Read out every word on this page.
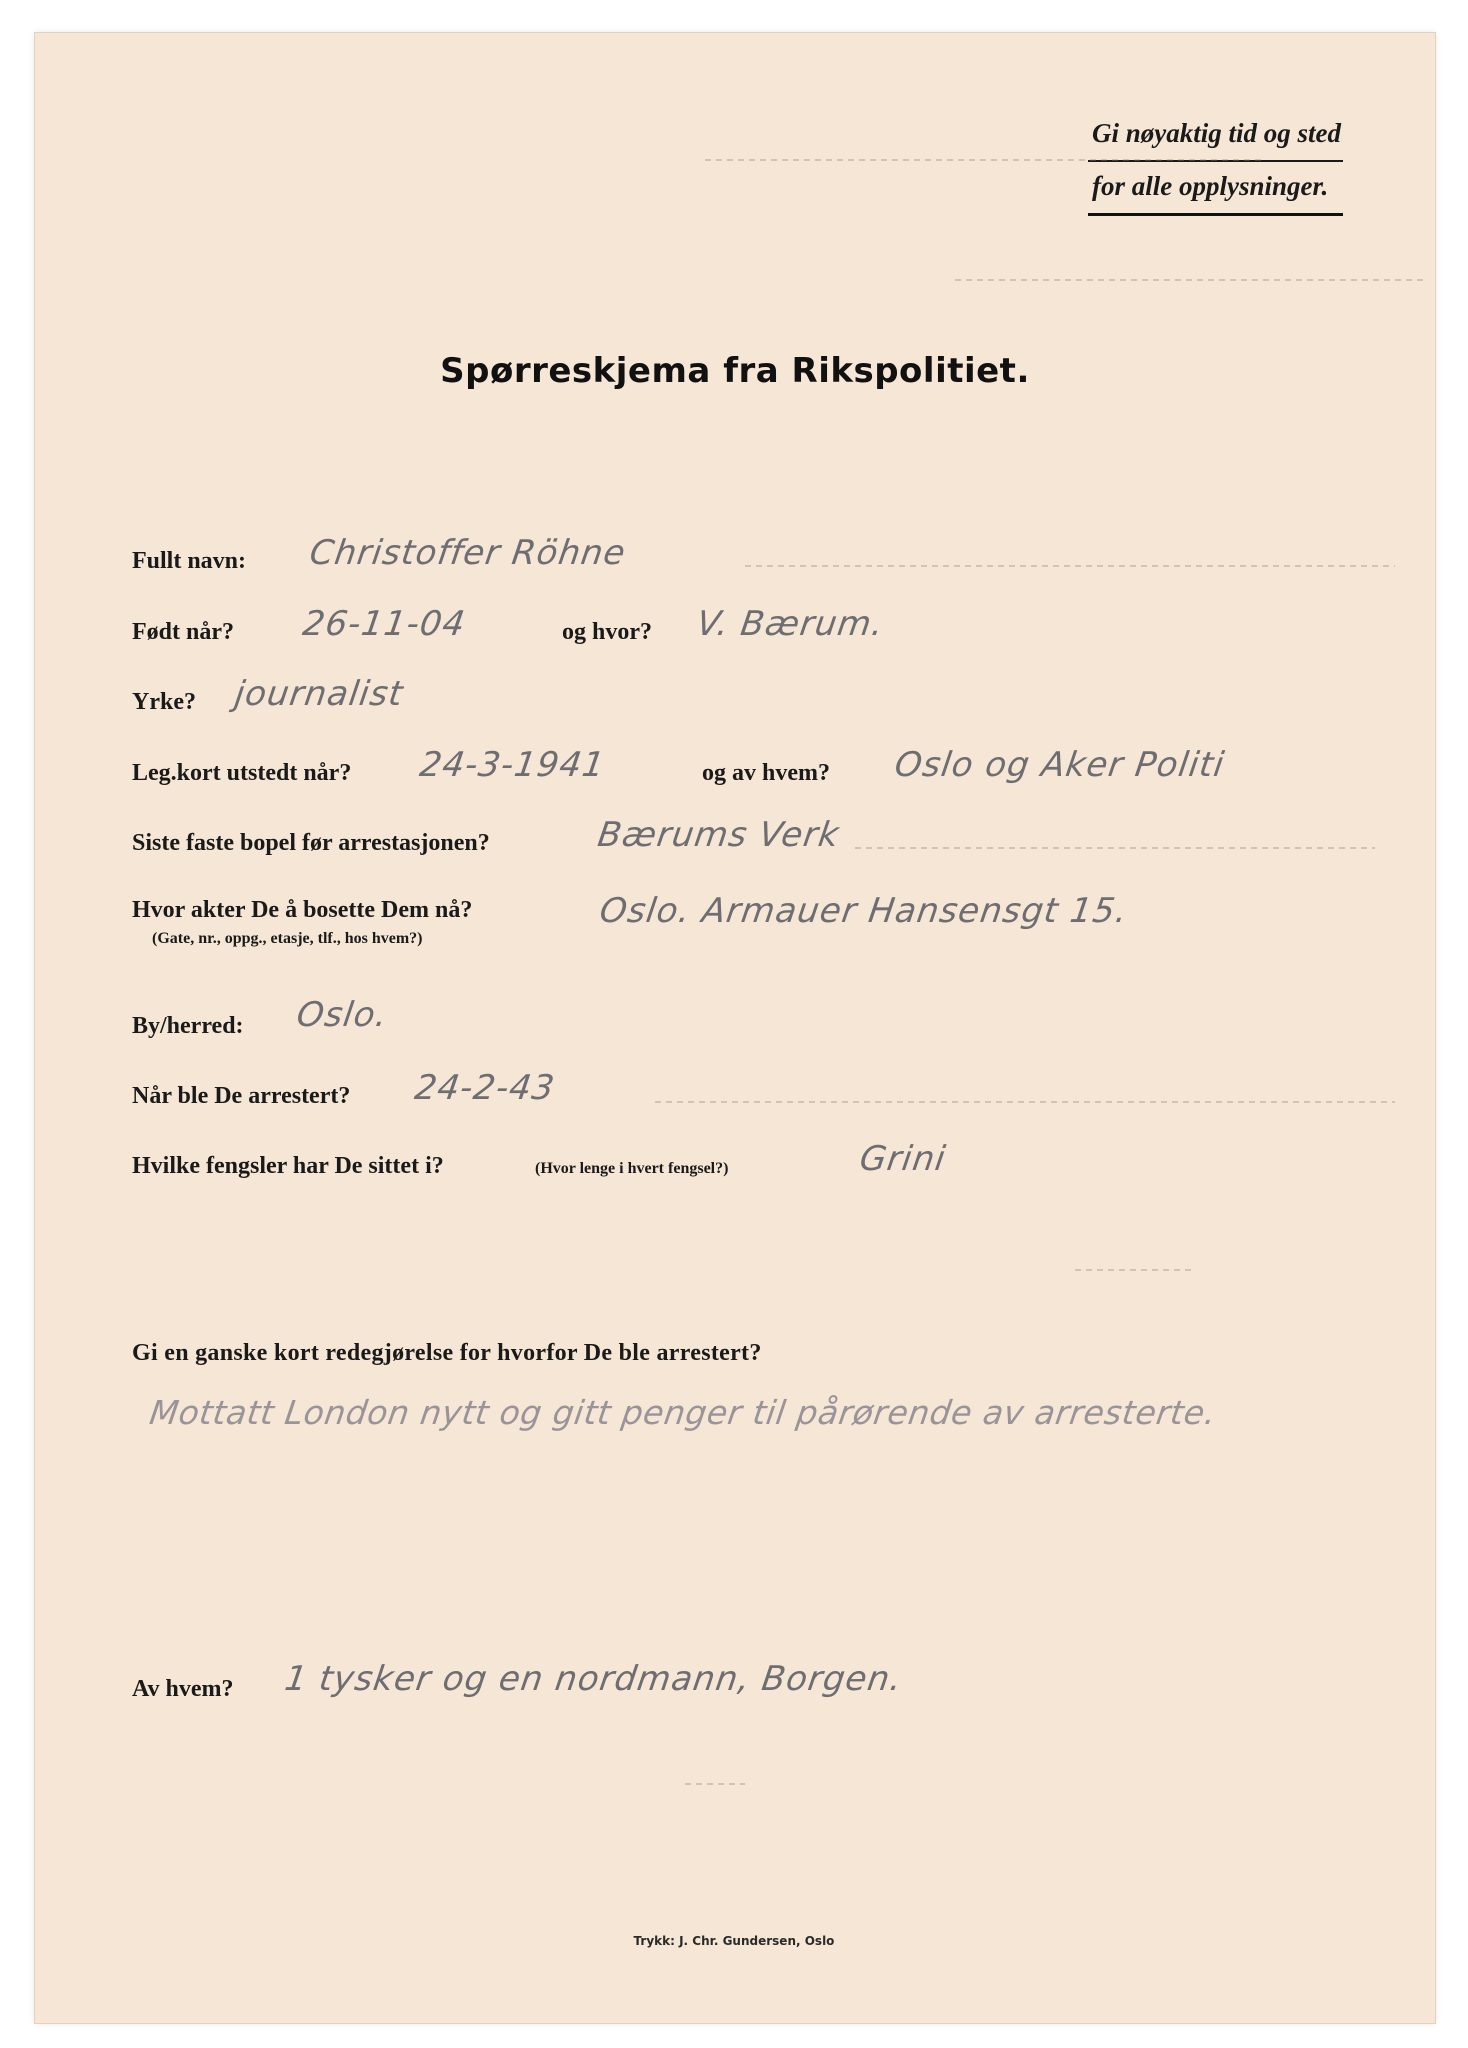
Gi nøyaktig tid og sted
for alle opplysninger.
Spørreskjema fra Rikspolitiet.
Fullt navn: Christoffer Röhne
Født når? 26-11-04	og hvor? V. Bærum.
Yrke? journalist
Leg.kort utstedt når? 24-3-1941	og av hvem? Oslo og Aker Politi
Siste faste bopel før arrestasjonen?	Bærums Verk
Hvor akter De å bosette Dem nå?
(Gate, nr., oppg., etasje, tlf., hos hvem?)
Oslo. Armauer Hansensgt 15.
By/herred: Oslo.
Når ble De arrestert? 24-2-43
Hvilke fengsler har De sittet i?	(Hvor lenge i hvert fengsel?)	Grini
Gi en ganske kort redegjørelse for hvorfor De ble arrestert?
Mottatt London nytt og gitt penger til pårørende av arresterte.
Av hvem? 1 tysker og en nordmann, Borgen.
Trykk: J. Chr. Gundersen, Oslo
